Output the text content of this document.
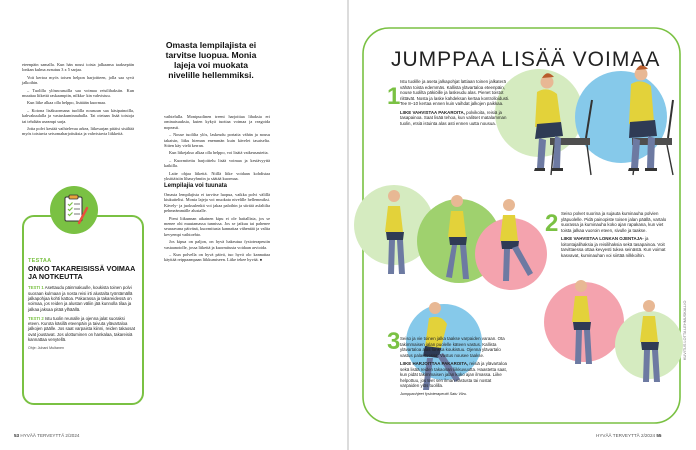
eteenpäin samalla. Kun hän nousi toista jalkaansa taaksepäin lonkan kulma avautuu 3 x 5 sarjaa.

Voit kertoa myös toisen helpon harjoitteen, jolla saa syvä jalkoihin.

– Tuolilla ylösnousuilla saa voimaa reisilihaksiin. Kun muuttaa liikettä raskaampiin, nilkka- kin vahvistuu.

Kun liike alkaa olla helppo, lisätään kuormaa.

– Kotona lisäkuormana tuolilla nousuun saa käsipainoilla, kahvakuulalla ja vastuskuminauhalla. Tai otetaan lisää toistoja tai tehdään useampi sarja.

Jotta polvi kestää vaihtelevaa arkea, liikesarjan pitäisi sisältää myös toistuvia seisomaharjoituksia ja vahvistavia liikkeitä.

Omasta lempilajista ei tarvitse luopua. Monia lajeja voi muokata nivelille hellemmiksi.

vaihtelulla. Monipuolinen treeni harjoittaa lihaksia eri ominaisuuksia, kuten kykyä tuottaa voimaa ja reagoida nopeasti.

– Nouse tuolilta ylös, laskeudu portaita vähän ja nousu takaisin, liiku hieman enemmän kuin kävelet tasaiselta. Sitten käy vielä kerran.

Kun liikejakso alkaa olla helppo, voi lisätä vaikeusasteita.

– Kuormitettu harjoittelu lisää voimaa ja kestävyyttä kaikilla.

Laite ohjaa liikettä. Niillä liike voidaan kohdistaa yksittäisiin lihasryhmiin ja säätää kuormaa.

Lempilajia voi tuunata

Omasta lempilajista ei tarvitse luopua, vaikka polvi välillä kiukuttelisi. Monia lajeja voi muokata nivelille hellemmiksi. Kävely- ja juoksulenkit voi jakaa paloihin ja siirtää asfaltilta pehmeämmälle alustalle.

Pieni liikunnan aikainen kipu ei ole haitallista, jos se menee ohi muutamassa tunnissa. Jos se jatkuu tai pahenee seuraavana päivänä, kuormitusta kannattaa vähentää ja valita kevyempi vaihtoehto.

Jos kipua on paljon, on hyvä hakeutua fysioterapeutin vastaanotolle, jossa liikettä ja kuormitusta voidaan arvioida.

– Kun polvella on hyvä päivä, tuo hyvä olo kannattaa käyttää reippaampaan liikkumiseen. Liike tekee hyvää. ●

TESTAA
ONKO TAKAREISISSÄ VOIMAA JA NOTKEUTTA
TESTI 1 Asettaudu päinmakuulle, koukista toinen polvi suoraan kulmaan ja nosta reisi irti alustalta työntämällä jalkapohjaa kohti kattoa. Pakarassa ja takareidessä on voimaa, jos reiden ja alustan väliin jää kunnolla tilaa ja jalkaa jaksaa pitää ylhäällä.
TESTI 2 Istu tuolin reunalle ja ojenna jalat suoraksi eteen. Kurota käsillä eteenpäin ja taivuta ylävartaloa jalkojen päälle. Jos saat varpaista kiinni, reiden takaosat ovat joustavat. Jos ulottuminen on hankalaa, takareisiä kannattaa venytellä.
Ohje: Juhani Multanen
53 HYVÄÄ TERVEYTTÄ 2/2024
JUMPPAA LISÄÄ VOIMAA
1

Istu tuolille ja aseta jalkapohjat lattiaan toinen jalkaterä vähän toista edemmäs. Kallista ylävartaloa eteenpäin, nouse tuolilta päkiöille ja laskeudu alas. Pienet toistot riittävät. Nosta ja laske kahdeksan kertaa kontrolloidusti. Tee 8–10 kertaa ennen kuin vaihdat jalkojen paikkaa.

LIIKE VAHVISTAA PAKAROITA, polvikoita, reisiä ja tasapainoa. Saat lisää tehoa, kun valitset matalamman tuolin, etsiä istuinta alas asti ennen uutta nousua.

2 Seiso polvet suorina ja sujauta kuminauha polvien yläpuolelle. Pidä painopiste toisen jalan päällä, vartalo suorassa ja kuminauha koko ajan rapakana, kun viet toista jalkaa vuoroin eteen, sivulle ja taakse.

LIIKE VAHVISTAA LONKAN OJENTAJA- ja loitontajalihaksia ja reisilihaksia sekä tasapainoa. Voit tarvittaessa ottaa kevyesti tukea seinästä. Kun voimat kasvavat, kuminauhan voi siirtää nilkkoihin.

3 Seiso ja vie toinen jalka taakse varpaiden varaan. Ota takimmaisen jalan puolelle käteen vastus. Kallista ylävartaloa alas lonkka koukistuu. Ojenna ylävartalo vastus palautuessa. Vastus nousee taakse.

LIIKE HARJOITTAA PAKAROITA, reisiä ja ylävartaloa sekä lisää reiden takaosan liikkuvuutta. Haastetta saat, kun pidät takimmaisen jalan koko ajan ilmassa. Liike helpottuu, jos teet sen ilman vastusta tai nostat varpaiden ylös tuolilla.

Jumppaohjeet fysioterapeutti Satu Viiru.

HYVÄÄ TERVEYTTÄ 2/2024 55
KUVITUS LOTTA LEHMUSKALLIO
